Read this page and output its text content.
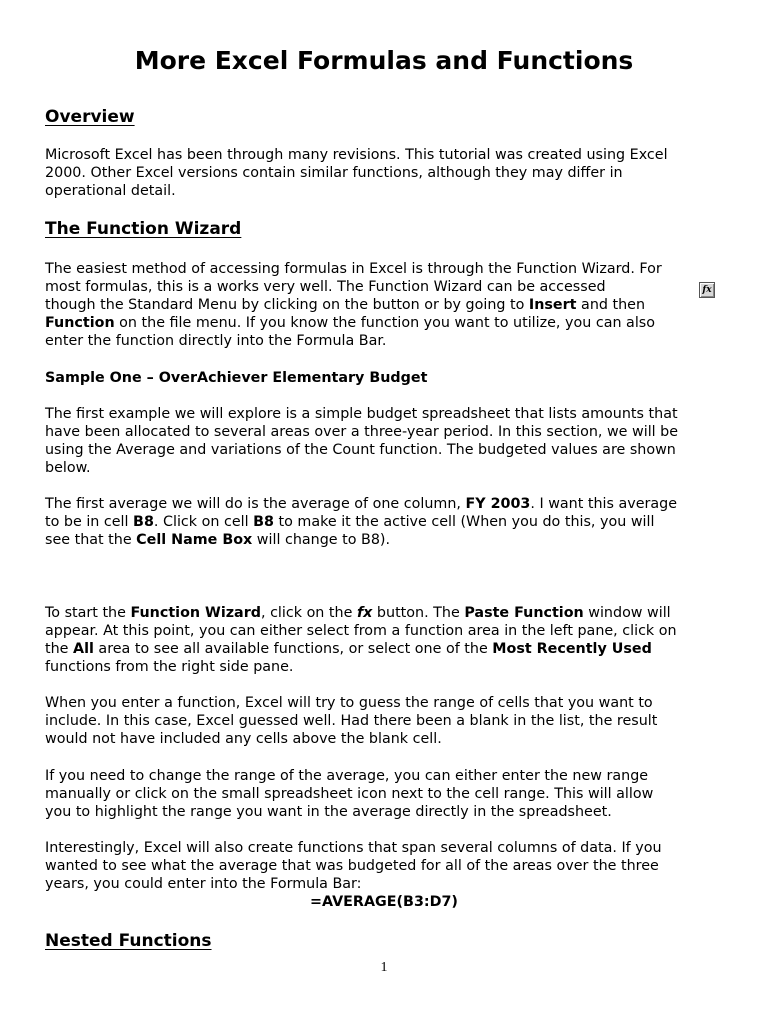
More Excel Formulas and Functions
Overview
Microsoft Excel has been through many revisions. This tutorial was created using Excel
2000. Other Excel versions contain similar functions, although they may differ in
operational detail.
The Function Wizard
The easiest method of accessing formulas in Excel is through the Function Wizard. For
most formulas, this is a works very well. The Function Wizard can be accessed
though the Standard Menu by clicking on the button or by going to Insert and then
Function on the file menu. If you know the function you want to utilize, you can also
enter the function directly into the Formula Bar.
fx
Sample One – OverAchiever Elementary Budget
The first example we will explore is a simple budget spreadsheet that lists amounts that
have been allocated to several areas over a three-year period. In this section, we will be
using the Average and variations of the Count function. The budgeted values are shown
below.
The first average we will do is the average of one column, FY 2003. I want this average
to be in cell B8. Click on cell B8 to make it the active cell (When you do this, you will
see that the Cell Name Box will change to B8).
To start the Function Wizard, click on the fx button. The Paste Function window will
appear. At this point, you can either select from a function area in the left pane, click on
the All area to see all available functions, or select one of the Most Recently Used
functions from the right side pane.
When you enter a function, Excel will try to guess the range of cells that you want to
include. In this case, Excel guessed well. Had there been a blank in the list, the result
would not have included any cells above the blank cell.
If you need to change the range of the average, you can either enter the new range
manually or click on the small spreadsheet icon next to the cell range. This will allow
you to highlight the range you want in the average directly in the spreadsheet.
Interestingly, Excel will also create functions that span several columns of data. If you
wanted to see what the average that was budgeted for all of the areas over the three
years, you could enter into the Formula Bar:
=AVERAGE(B3:D7)
Nested Functions
1
